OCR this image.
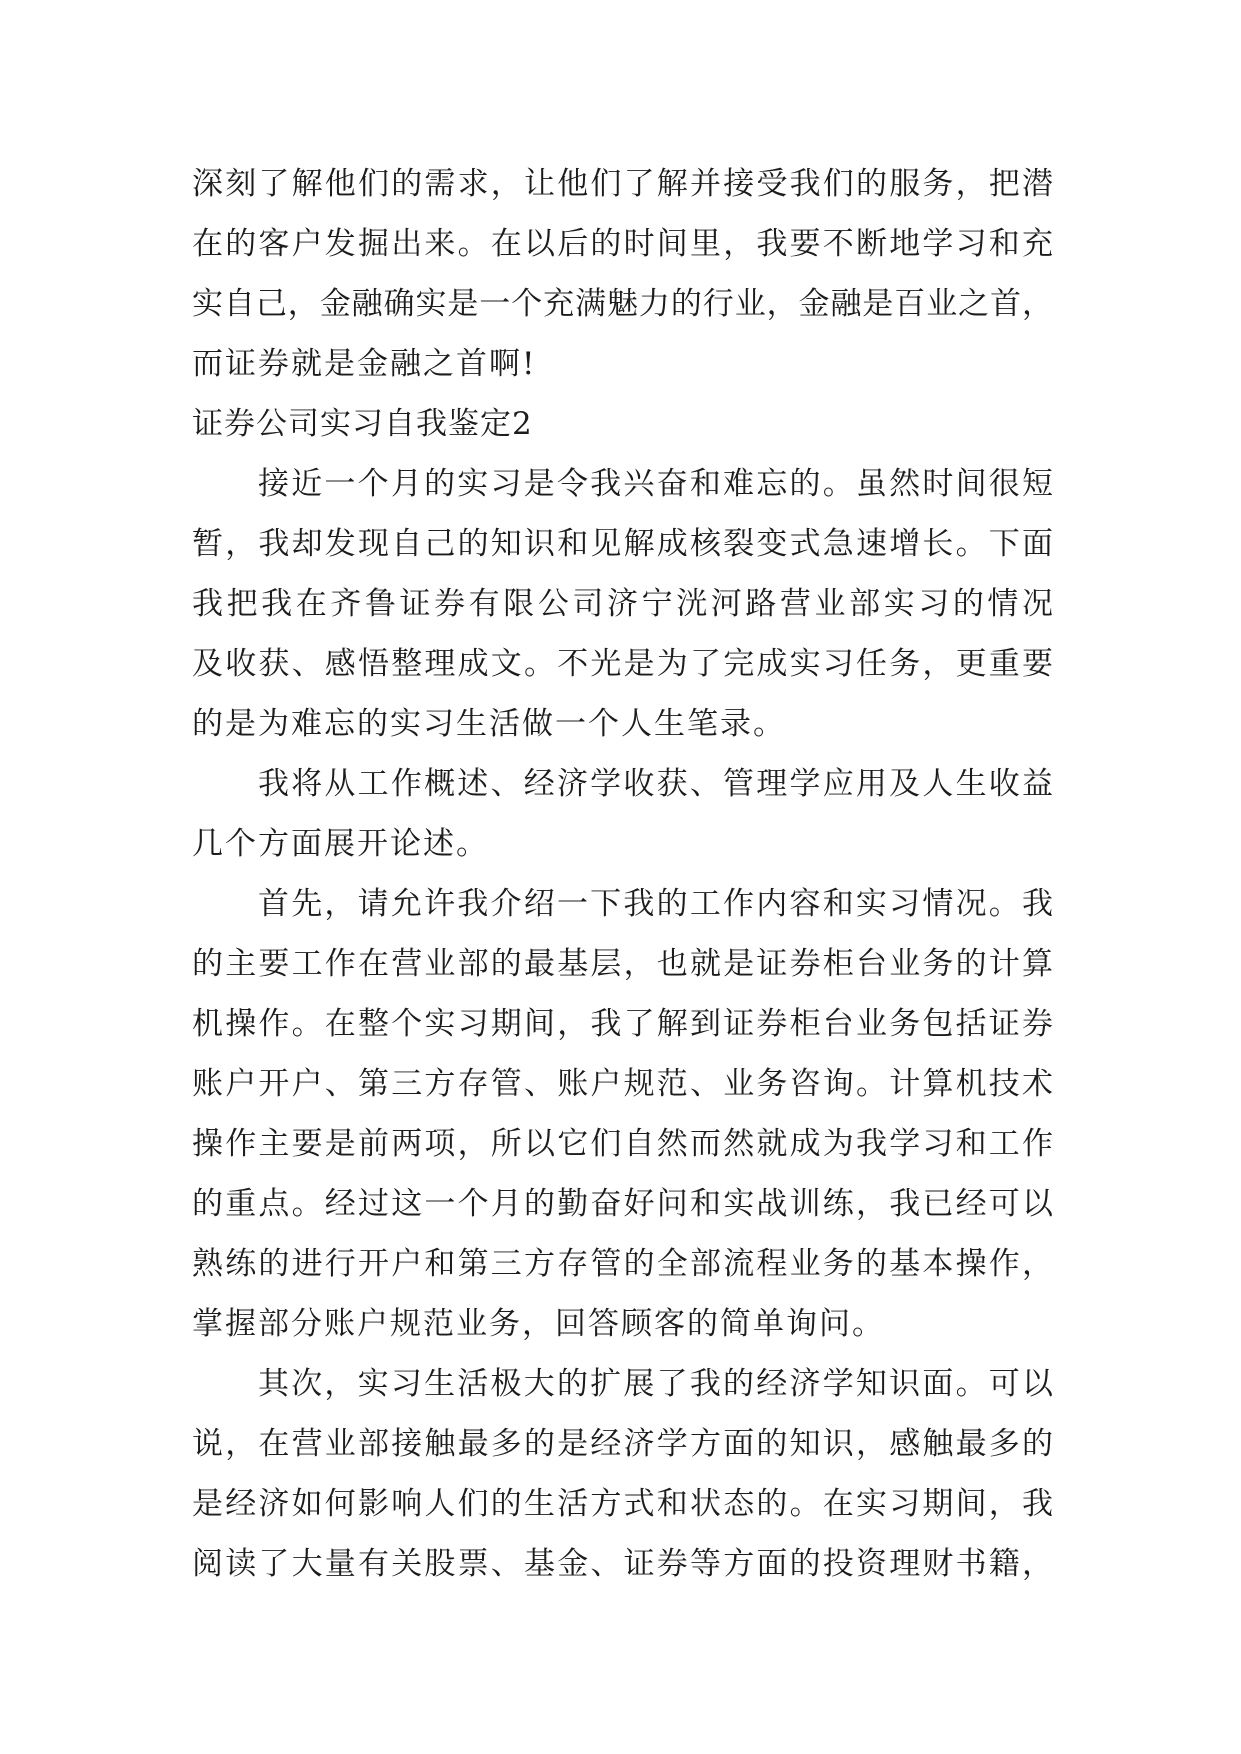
深刻了解他们的需求，让他们了解并接受我们的服务，把潜
在的客户发掘出来。在以后的时间里，我要不断地学习和充
实自己，金融确实是一个充满魅力的行业，金融是百业之首，
而证券就是金融之首啊!
证券公司实习自我鉴定2
接近一个月的实习是令我兴奋和难忘的。虽然时间很短
暂，我却发现自己的知识和见解成核裂变式急速增长。下面
我把我在齐鲁证券有限公司济宁洸河路营业部实习的情况
及收获、感悟整理成文。不光是为了完成实习任务，更重要
的是为难忘的实习生活做一个人生笔录。
我将从工作概述、经济学收获、管理学应用及人生收益
几个方面展开论述。
首先，请允许我介绍一下我的工作内容和实习情况。我
的主要工作在营业部的最基层，也就是证券柜台业务的计算
机操作。在整个实习期间，我了解到证券柜台业务包括证券
账户开户、第三方存管、账户规范、业务咨询。计算机技术
操作主要是前两项，所以它们自然而然就成为我学习和工作
的重点。经过这一个月的勤奋好问和实战训练，我已经可以
熟练的进行开户和第三方存管的全部流程业务的基本操作，
掌握部分账户规范业务，回答顾客的简单询问。
其次，实习生活极大的扩展了我的经济学知识面。可以
说，在营业部接触最多的是经济学方面的知识，感触最多的
是经济如何影响人们的生活方式和状态的。在实习期间，我
阅读了大量有关股票、基金、证券等方面的投资理财书籍，
